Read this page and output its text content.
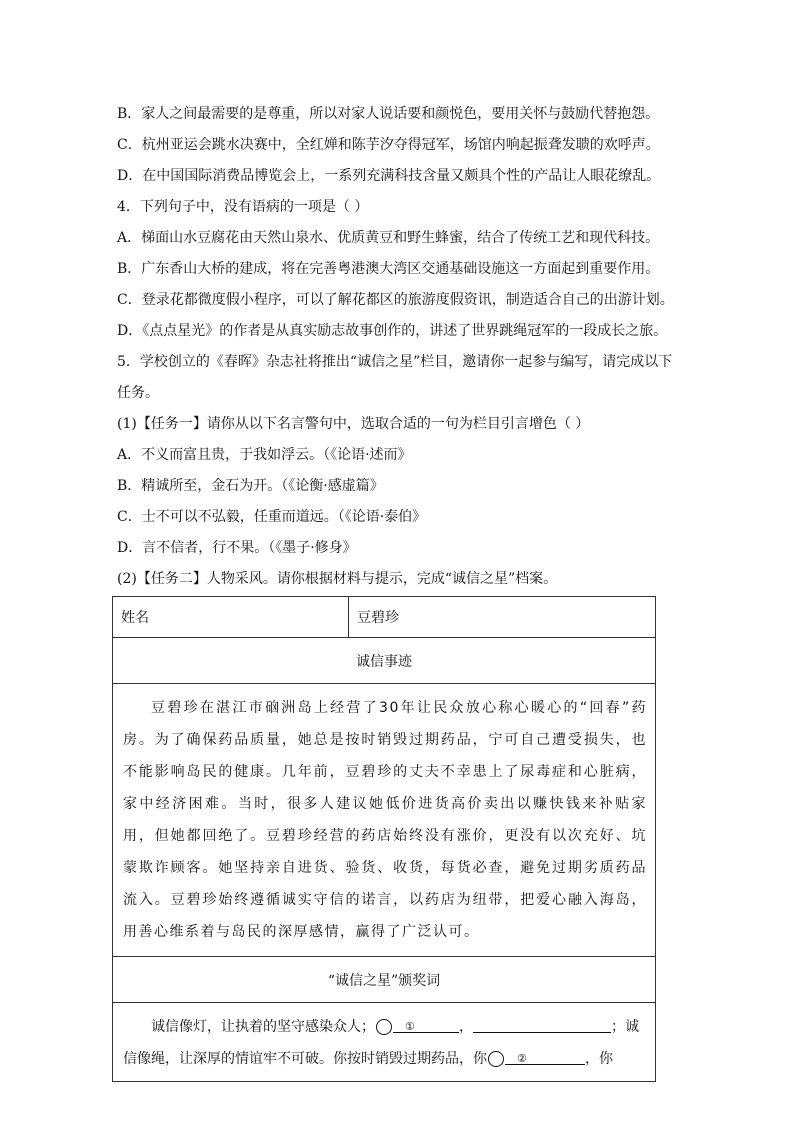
B．家人之间最需要的是尊重，所以对家人说话要和颜悦色，要用关怀与鼓励代替抱怨。

C．杭州亚运会跳水决赛中，全红婵和陈芋汐夺得冠军，场馆内响起振聋发聩的欢呼声。

D．在中国国际消费品博览会上，一系列充满科技含量又颇具个性的产品让人眼花缭乱。

4．下列句子中，没有语病的一项是（ ）

A．梯面山水豆腐花由天然山泉水、优质黄豆和野生蜂蜜，结合了传统工艺和现代科技。

B．广东香山大桥的建成，将在完善粤港澳大湾区交通基础设施这一方面起到重要作用。

C．登录花都微度假小程序，可以了解花都区的旅游度假资讯，制造适合自己的出游计划。

D．《点点星光》的作者是从真实励志故事创作的，讲述了世界跳绳冠军的一段成长之旅。

5．学校创立的《春晖》杂志社将推出“诚信之星”栏目，邀请你一起参与编写，请完成以下

任务。

(1)【任务一】请你从以下名言警句中，选取合适的一句为栏目引言增色（ ）

A．不义而富且贵，于我如浮云。（《论语·述而》

B．精诚所至，金石为开。（《论衡·感虚篇》

C．士不可以不弘毅，任重而道远。（《论语·泰伯》

D．言不信者，行不果。（《墨子·修身》

(2)【任务二】人物采风。请你根据材料与提示，完成“诚信之星”档案。

姓名	豆碧珍
诚信事迹

豆碧珍在湛江市硇洲岛上经营了30年让民众放心称心暖心的“回春”药房。为了确保药品质量，她总是按时销毁过期药品，宁可自己遭受损失，也不能影响岛民的健康。几年前，豆碧珍的丈夫不幸患上了尿毒症和心脏病，家中经济困难。当时，很多人建议她低价进货高价卖出以赚快钱来补贴家用，但她都回绝了。豆碧珍经营的药店始终没有涨价，更没有以次充好、坑蒙欺诈顾客。她坚持亲自进货、验货、收货，每货必查，避免过期劣质药品流入。豆碧珍始终遵循诚实守信的诺言，以药店为纽带，把爱心融入海岛，用善心维系着与岛民的深厚感情，赢得了广泛认可。

“诚信之星”颁奖词

诚信像灯，让执着的坚守感染众人；	①	，	；诚信像绳，让深厚的情谊牢不可破。你按时销毁过期药品，你	②	，你
